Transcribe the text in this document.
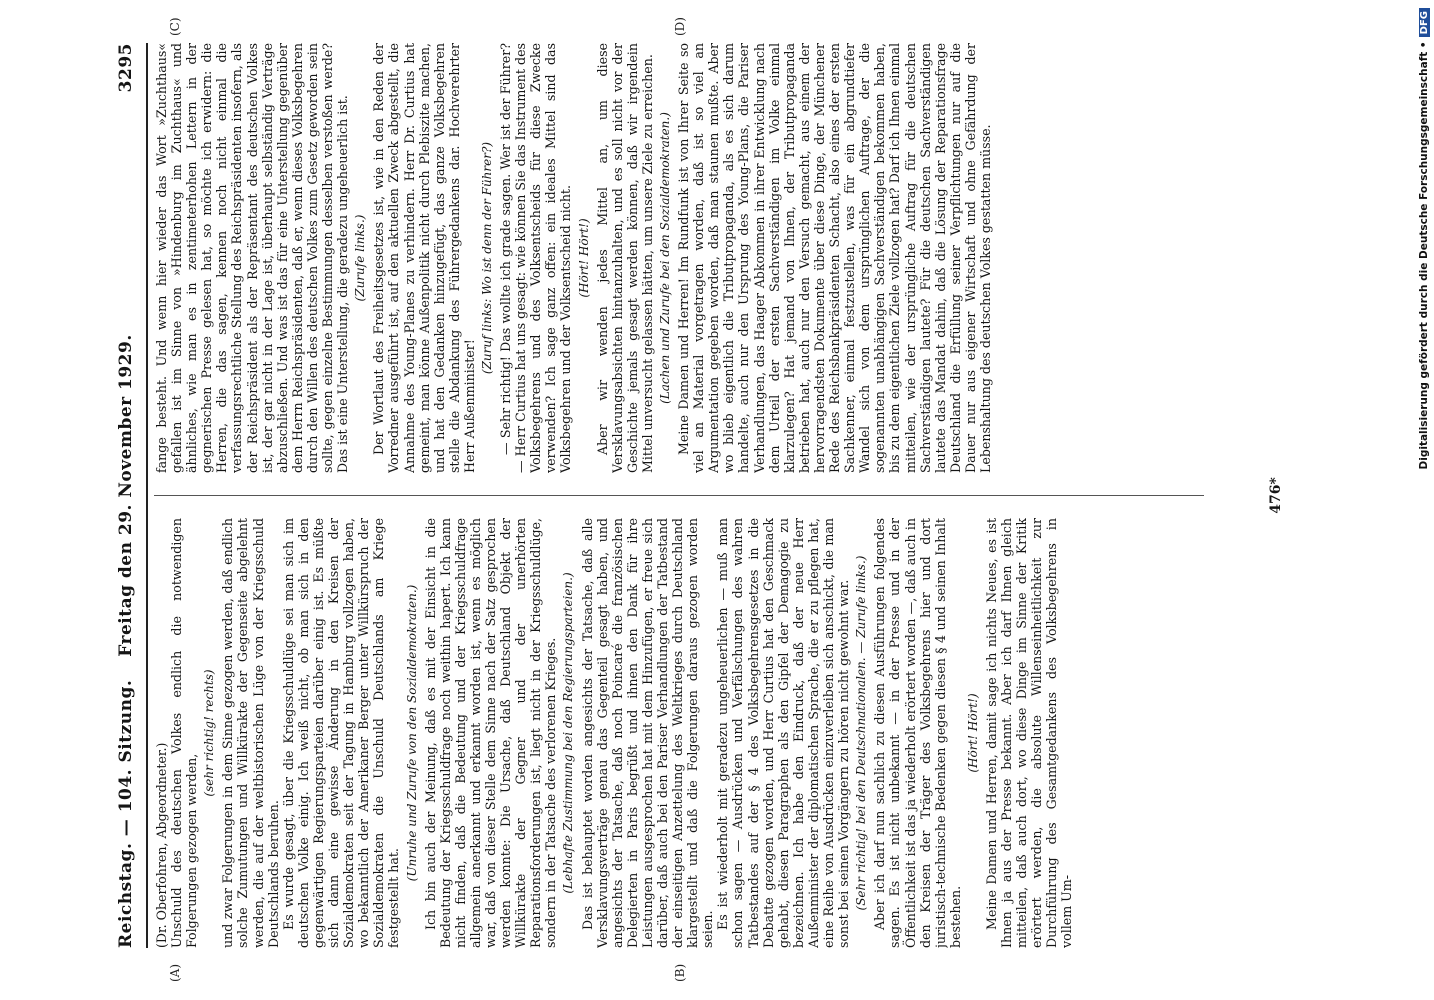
Reichstag. — 104. Sitzung.
Freitag den 29. November 1929.
3295
(A)	(B)
(C)	(D)

(Dr. Oberfohren, Abgeordneter.) Unschuld des deutschen Volkes endlich die notwendigen Folgerungen gezogen werden,

(sehr richtig! rechts) und zwar Folgerungen in dem Sinne gezogen werden, daß endlich solche Zumutungen und Willkürakte der Gegenseite abgelehnt werden, die auf der weltbistorischen Lüge von der Kriegsschuld Deutschlands beruhen. Es wurde gesagt, über die Kriegsschuldlüge sei man sich im deutschen Volke einig. Ich weiß nicht, ob man sich in den gegenwärtigen Regierungsparteien darüber einig ist. Es müßte sich dann eine gewisse Änderung in den Kreisen der Sozialdemokraten seit der Tagung in Hamburg vollzogen haben, wo bekanntlich der Amerikaner Berger unter Willkürspruch der Sozialdemokraten die Unschuld Deutschlands am Kriege festgestellt hat.

(Unruhe und Zurufe von den Sozialdemokraten.) Ich bin auch der Meinung, daß es mit der Einsicht in die Bedeutung der Kriegsschuldfrage noch weithin hapert. Ich kann nicht finden, daß die Bedeutung und der Kriegsschuldfrage allgemein anerkannt und erkannt worden ist, wenn es möglich war, daß von dieser Stelle dem Sinne nach der Satz gesprochen werden konnte: Die Ursache, daß Deutschland Objekt der Willkürakte der Gegner und der unerhörten Reparationsforderungen ist, liegt nicht in der Kriegsschuldlüge, sondern in der Tatsache des verlorenen Krieges. (Lebhafte Zustimmung bei den Regierungsparteien.) Das ist behauptet worden angesichts der Tatsache, daß alle Versklavungsverträge genau das Gegenteil gesagt haben, und angesichts der Tatsache, daß noch Poincaré die französischen Delegierten in Paris begrüßt und ihnen den Dank für ihre Leistungen ausgesprochen hat mit dem Hinzufügen, er freue sich darüber, daß auch bei den Pariser Verhandlungen der Tatbestand der einseitigen Anzettelung des Weltkrieges durch Deutschland klargestellt und daß die Folgerungen daraus gezogen worden seien. Es ist wiederholt mit geradezu ungeheuerlichen — muß man schon sagen — Ausdrücken und Verfälschungen des wahren Tatbestandes auf der § 4 des Volksbegehrensgesetzes in die Debatte gezogen worden, und Herr Curtius hat den Geschmack gehabt, diesen Paragraphen als den Gipfel der Demagogie zu bezeichnen. Ich habe den Eindruck, daß der neue Herr Außenminister der diplomatischen Sprache, die er zu pflegen hat, eine Reihe von Ausdrücken einzuverleiben sich anschickt, die man sonst bei seinen Vorgängern zu hören nicht gewohnt war. (Sehr richtig! bei den Deutschnationalen. — Zurufe links.) Aber ich darf nun sachlich zu diesen Ausführungen folgendes sagen. Es ist nicht unbekannt — in der Presse und in der Öffentlichkeit ist das ja wiederholt erörtert worden —, daß auch in den Kreisen der Träger des Volksbegehrens hier und dort juristisch-technische Bedenken gegen diesen § 4 und seinen Inhalt bestehen.

(Hört! Hört!) Meine Damen und Herren, damit sage ich nichts Neues, es ist Ihnen ja aus der Presse bekannt. Aber ich darf Ihnen gleich mitteilen, daß auch dort, wo diese Dinge im Sinne der Kritik erörtert werden, die absolute Willenseinheitlichkeit zur Durchführung des Gesamtgedankens des Volksbegehrens in vollem Um-

fange besteht. Und wenn hier wieder das Wort »Zuchthaus« gefallen ist im Sinne von »Hindenburg im Zuchthaus« und ähnliches, wie man es in zentimeterhohen Lettern in der gegnerischen Presse gelesen hat, so möchte ich erwidern: die Herren, die das sagen, kennen noch nicht einmal die verfassungsrechtliche Stellung des Reichspräsidenten insofern, als der Reichspräsident als der Repräsentant des deutschen Volkes ist, der gar nicht in der Lage ist, überhaupt selbständig Verträge abzuschließen. Und was ist das für eine Unterstellung gegenüber dem Herrn Reichspräsidenten, daß er, wenn dieses Volksbegehren durch den Willen des deutschen Volkes zum Gesetz geworden sein sollte, gegen einzelne Bestimmungen desselben verstoßen werde? Das ist eine Unterstellung, die geradezu ungeheuerlich ist. (Zurufe links.) Der Wortlaut des Freiheitsgesetzes ist, wie in den Reden der Vorredner ausgeführt ist, auf den aktuellen Zweck abgestellt, die Annahme des Young-Planes zu verhindern. Herr Dr. Curtius hat gemeint, man könne Außenpolitik nicht durch Plebiszite machen, und hat den Gedanken hinzugefügt, das ganze Volksbegehren stelle die Abdankung des Führergedankens dar. Hochverehrter Herr Außenminister!

(Zuruf links: Wo ist denn der Führer?) — Sehr richtig! Das wollte ich grade sagen. Wer ist der Führer? — Herr Curtius hat uns gesagt: wie können Sie das Instrument des Volksbegehrens und des Volksentscheids für diese Zwecke verwenden? Ich sage ganz offen: ein ideales Mittel sind das Volksbegehren und der Volksentscheid nicht. (Hört! Hört!) Aber wir wenden jedes Mittel an, um diese Versklavungsabsichten hintanzuhalten, und es soll nicht vor der Geschichte jemals gesagt werden können, daß wir irgendein Mittel unversucht gelassen hätten, um unsere Ziele zu erreichen. (Lachen und Zurufe bei den Sozialdemokraten.) Meine Damen und Herren! Im Rundfunk ist von Ihrer Seite so viel an Material vorgetragen worden, daß ist so viel an Argumentation gegeben worden, daß man staunen mußte. Aber wo blieb eigentlich die Tributpropaganda, als es sich darum handelte, auch nur den Ursprung des Young-Plans, die Pariser Verhandlungen, das Haager Abkommen in ihrer Entwicklung nach dem Urteil der ersten Sachverständigen im Volke einmal klarzulegen? Hat jemand von Ihnen, der Tributpropaganda betrieben hat, auch nur den Versuch gemacht, aus einem der hervorragendsten Dokumente über diese Dinge, der Münchener Rede des Reichsbankpräsidenten Schacht, also eines der ersten Sachkenner, einmal festzustellen, was für ein abgrundtiefer Wandel sich von dem ursprünglichen Auftrage, der die sogenannten unabhängigen Sachverständigen bekommen haben, bis zu dem eigentlichen Ziele vollzogen hat? Darf ich Ihnen einmal mitteilen, wie der ursprüngliche Auftrag für die deutschen Sachverständigen lautete? Für die deutschen Sachverständigen lautete das Mandat dahin, daß die Lösung der Reparationsfrage Deutschland die Erfüllung seiner Verpflichtungen nur auf die Dauer nur aus eigener Wirtschaft und ohne Gefährdung der Lebenshaltung des deutschen Volkes gestatten müsse.

476*
Digitalisierung gefördert durch die Deutsche Forschungsgemeinschaft •DFG
